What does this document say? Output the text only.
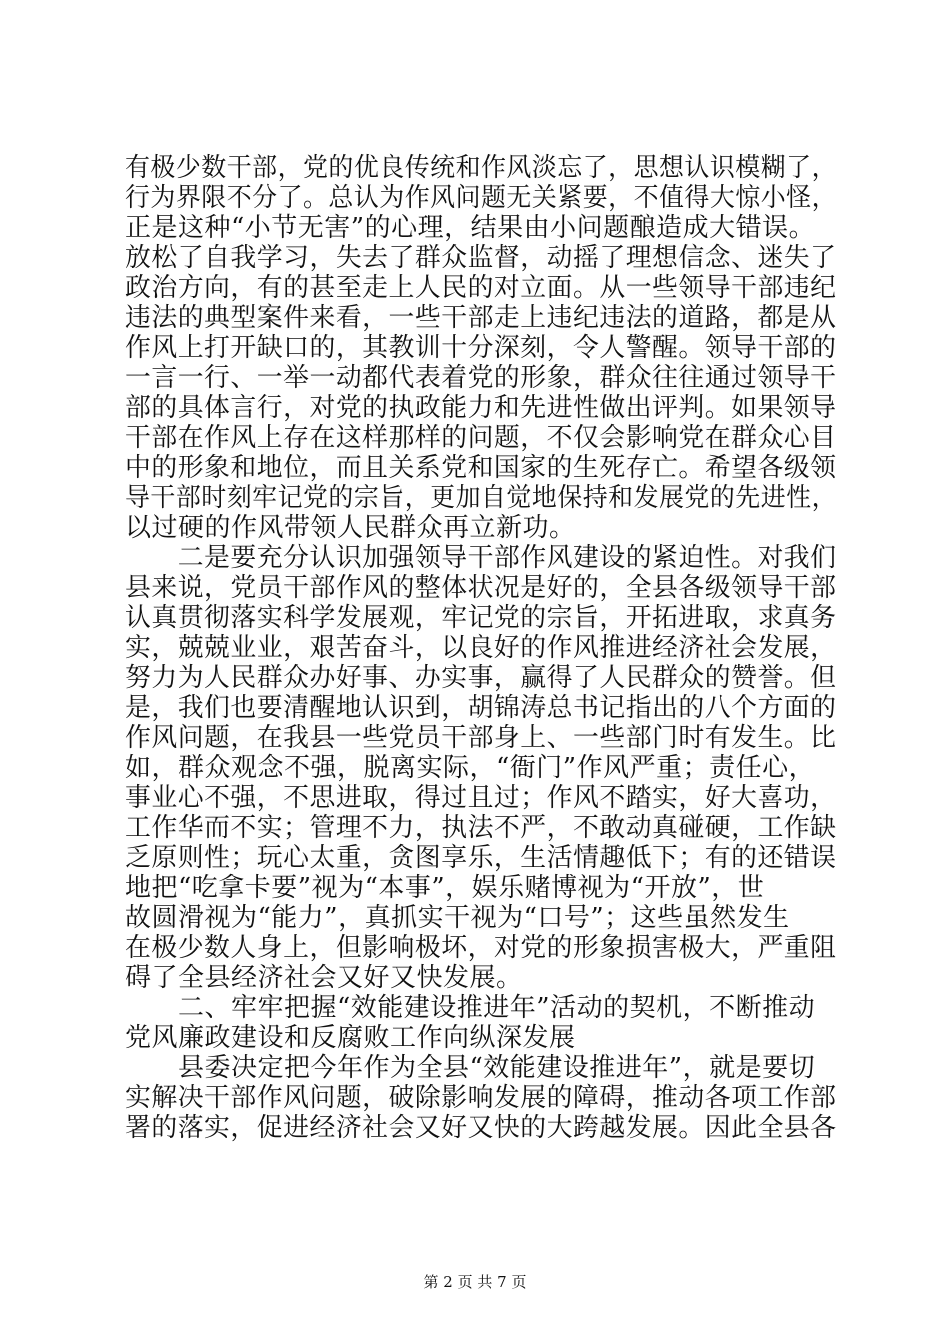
有极少数干部，党的优良传统和作风淡忘了，思想认识模糊了，
行为界限不分了。总认为作风问题无关紧要，不值得大惊小怪，
正是这种“小节无害”的心理，结果由小问题酿造成大错误。
放松了自我学习，失去了群众监督，动摇了理想信念、迷失了
政治方向，有的甚至走上人民的对立面。从一些领导干部违纪
违法的典型案件来看，一些干部走上违纪违法的道路，都是从
作风上打开缺口的，其教训十分深刻，令人警醒。领导干部的
一言一行、一举一动都代表着党的形象，群众往往通过领导干
部的具体言行，对党的执政能力和先进性做出评判。如果领导
干部在作风上存在这样那样的问题，不仅会影响党在群众心目
中的形象和地位，而且关系党和国家的生死存亡。希望各级领
导干部时刻牢记党的宗旨，更加自觉地保持和发展党的先进性，
以过硬的作风带领人民群众再立新功。
　　二是要充分认识加强领导干部作风建设的紧迫性。对我们
县来说，党员干部作风的整体状况是好的，全县各级领导干部
认真贯彻落实科学发展观，牢记党的宗旨，开拓进取，求真务
实，兢兢业业，艰苦奋斗，以良好的作风推进经济社会发展，
努力为人民群众办好事、办实事，赢得了人民群众的赞誉。但
是，我们也要清醒地认识到，胡锦涛总书记指出的八个方面的
作风问题，在我县一些党员干部身上、一些部门时有发生。比
如，群众观念不强，脱离实际，“衙门”作风严重；责任心，
事业心不强，不思进取，得过且过；作风不踏实，好大喜功，
工作华而不实；管理不力，执法不严，不敢动真碰硬，工作缺
乏原则性；玩心太重，贪图享乐，生活情趣低下；有的还错误
地把“吃拿卡要”视为“本事”，娱乐赌博视为“开放”，世
故圆滑视为“能力”，真抓实干视为“口号”；这些虽然发生
在极少数人身上，但影响极坏，对党的形象损害极大，严重阻
碍了全县经济社会又好又快发展。
　　二、牢牢把握“效能建设推进年”活动的契机，不断推动
党风廉政建设和反腐败工作向纵深发展
　　县委决定把今年作为全县“效能建设推进年”，就是要切
实解决干部作风问题，破除影响发展的障碍，推动各项工作部
署的落实，促进经济社会又好又快的大跨越发展。因此全县各
第 2 页 共 7 页
